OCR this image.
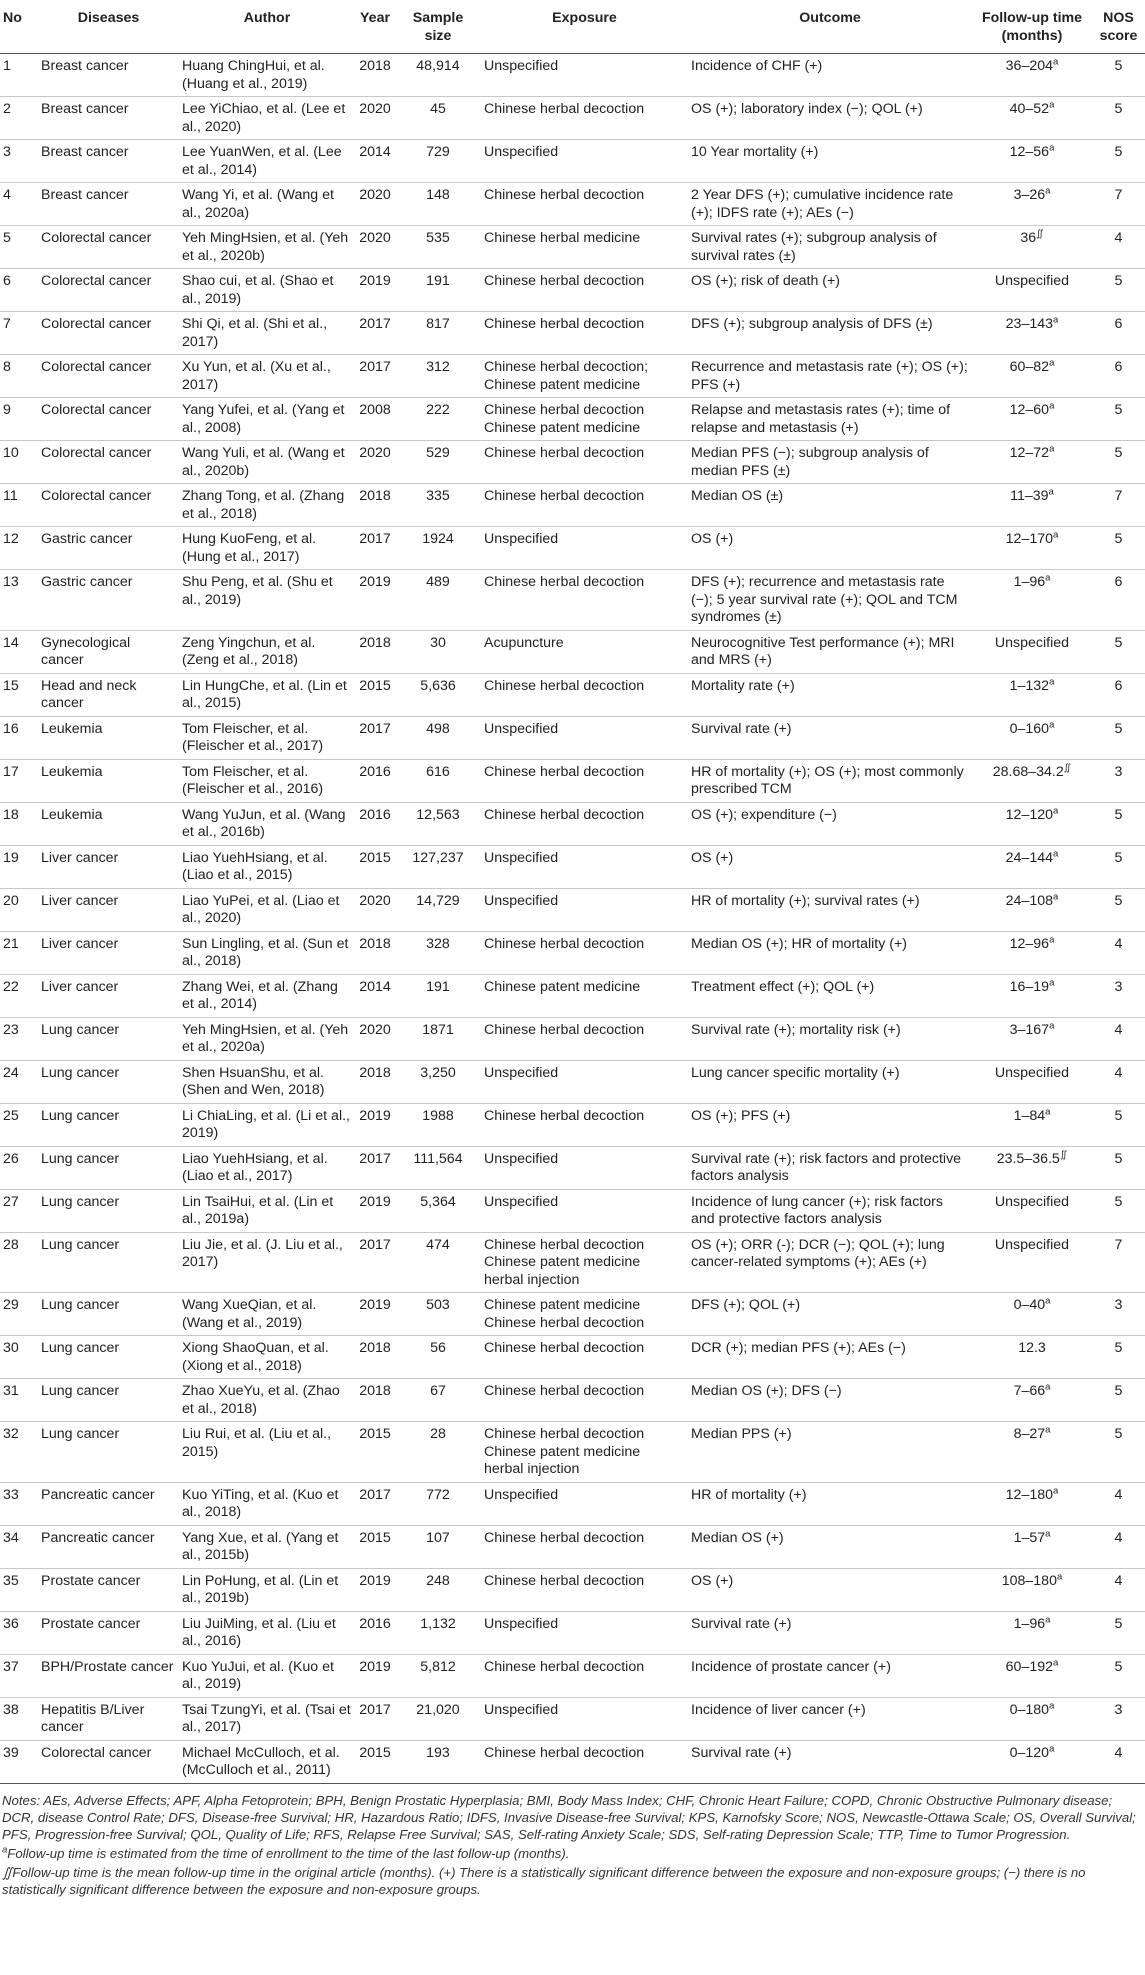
No	Diseases	Author	Year	Sample size	Exposure	Outcome	Follow-up time (months)	NOS score
1	Breast cancer	Huang ChingHui, et al. (Huang et al., 2019)	2018	48,914	Unspecified	Incidence of CHF (+)	36–204$^a$	5
2	Breast cancer	Lee YiChiao, et al. (Lee et al., 2020)	2020	45	Chinese herbal decoction	OS (+); laboratory index (−); QOL (+)	40–52$^a$	5
3	Breast cancer	Lee YuanWen, et al. (Lee et al., 2014)	2014	729	Unspecified	10 Year mortality (+)	12–56$^a$	5
4	Breast cancer	Wang Yi, et al. (Wang et al., 2020a)	2020	148	Chinese herbal decoction	2 Year DFS (+); cumulative incidence rate (+); IDFS rate (+); AEs (−)	3–26$^a$	7
5	Colorectal cancer	Yeh MingHsien, et al. (Yeh et al., 2020b)	2020	535	Chinese herbal medicine	Survival rates (+); subgroup analysis of survival rates (±)	36∬	4
6	Colorectal cancer	Shao cui, et al. (Shao et al., 2019)	2019	191	Chinese herbal decoction	OS (+); risk of death (+)	Unspecified	5
7	Colorectal cancer	Shi Qi, et al. (Shi et al., 2017)	2017	817	Chinese herbal decoction	DFS (+); subgroup analysis of DFS (±)	23–143$^a$	6
8	Colorectal cancer	Xu Yun, et al. (Xu et al., 2017)	2017	312	Chinese herbal decoction; Chinese patent medicine	Recurrence and metastasis rate (+); OS (+); PFS (+)	60–82$^a$	6
9	Colorectal cancer	Yang Yufei, et al. (Yang et al., 2008)	2008	222	Chinese herbal decoction
Chinese patent medicine	Relapse and metastasis rates (+); time of relapse and metastasis (+)	12–60$^a$	5
10	Colorectal cancer	Wang Yuli, et al. (Wang et al., 2020b)	2020	529	Chinese herbal decoction	Median PFS (−); subgroup analysis of median PFS (±)	12–72$^a$	5
11	Colorectal cancer	Zhang Tong, et al. (Zhang et al., 2018)	2018	335	Chinese herbal decoction	Median OS (±)	11–39$^a$	7
12	Gastric cancer	Hung KuoFeng, et al. (Hung et al., 2017)	2017	1924	Unspecified	OS (+)	12–170$^a$	5
13	Gastric cancer	Shu Peng, et al. (Shu et al., 2019)	2019	489	Chinese herbal decoction	DFS (+); recurrence and metastasis rate (−); 5 year survival rate (+); QOL and TCM syndromes (±)	1–96$^a$	6
14	Gynecological cancer	Zeng Yingchun, et al. (Zeng et al., 2018)	2018	30	Acupuncture	Neurocognitive Test performance (+); MRI and MRS (+)	Unspecified	5
15	Head and neck cancer	Lin HungChe, et al. (Lin et al., 2015)	2015	5,636	Chinese herbal decoction	Mortality rate (+)	1–132$^a$	6
16	Leukemia	Tom Fleischer, et al. (Fleischer et al., 2017)	2017	498	Unspecified	Survival rate (+)	0–160$^a$	5
17	Leukemia	Tom Fleischer, et al. (Fleischer et al., 2016)	2016	616	Chinese herbal decoction	HR of mortality (+); OS (+); most commonly prescribed TCM	28.68–34.2∬	3
18	Leukemia	Wang YuJun, et al. (Wang et al., 2016b)	2016	12,563	Chinese herbal decoction	OS (+); expenditure (−)	12–120$^a$	5
19	Liver cancer	Liao YuehHsiang, et al. (Liao et al., 2015)	2015	127,237	Unspecified	OS (+)	24–144$^a$	5
20	Liver cancer	Liao YuPei, et al. (Liao et al., 2020)	2020	14,729	Unspecified	HR of mortality (+); survival rates (+)	24–108$^a$	5
21	Liver cancer	Sun Lingling, et al. (Sun et al., 2018)	2018	328	Chinese herbal decoction	Median OS (+); HR of mortality (+)	12–96$^a$	4
22	Liver cancer	Zhang Wei, et al. (Zhang et al., 2014)	2014	191	Chinese patent medicine	Treatment effect (+); QOL (+)	16–19$^a$	3
23	Lung cancer	Yeh MingHsien, et al. (Yeh et al., 2020a)	2020	1871	Chinese herbal decoction	Survival rate (+); mortality risk (+)	3–167$^a$	4
24	Lung cancer	Shen HsuanShu, et al. (Shen and Wen, 2018)	2018	3,250	Unspecified	Lung cancer specific mortality (+)	Unspecified	4
25	Lung cancer	Li ChiaLing, et al. (Li et al., 2019)	2019	1988	Chinese herbal decoction	OS (+); PFS (+)	1–84$^a$	5
26	Lung cancer	Liao YuehHsiang, et al. (Liao et al., 2017)	2017	111,564	Unspecified	Survival rate (+); risk factors and protective factors analysis	23.5–36.5∬	5
27	Lung cancer	Lin TsaiHui, et al. (Lin et al., 2019a)	2019	5,364	Unspecified	Incidence of lung cancer (+); risk factors and protective factors analysis	Unspecified	5
28	Lung cancer	Liu Jie, et al. (J. Liu et al., 2017)	2017	474	Chinese herbal decoction
Chinese patent medicine
herbal injection	OS (+); ORR (-); DCR (−); QOL (+); lung cancer-related symptoms (+); AEs (+)	Unspecified	7
29	Lung cancer	Wang XueQian, et al. (Wang et al., 2019)	2019	503	Chinese patent medicine
Chinese herbal decoction	DFS (+); QOL (+)	0–40$^a$	3
30	Lung cancer	Xiong ShaoQuan, et al. (Xiong et al., 2018)	2018	56	Chinese herbal decoction	DCR (+); median PFS (+); AEs (−)	12.3	5
31	Lung cancer	Zhao XueYu, et al. (Zhao et al., 2018)	2018	67	Chinese herbal decoction	Median OS (+); DFS (−)	7–66$^a$	5
32	Lung cancer	Liu Rui, et al. (Liu et al., 2015)	2015	28	Chinese herbal decoction
Chinese patent medicine
herbal injection	Median PPS (+)	8–27$^a$	5
33	Pancreatic cancer	Kuo YiTing, et al. (Kuo et al., 2018)	2017	772	Unspecified	HR of mortality (+)	12–180$^a$	4
34	Pancreatic cancer	Yang Xue, et al. (Yang et al., 2015b)	2015	107	Chinese herbal decoction	Median OS (+)	1–57$^a$	4
35	Prostate cancer	Lin PoHung, et al. (Lin et al., 2019b)	2019	248	Chinese herbal decoction	OS (+)	108–180$^a$	4
36	Prostate cancer	Liu JuiMing, et al. (Liu et al., 2016)	2016	1,132	Unspecified	Survival rate (+)	1–96$^a$	5
37	BPH/Prostate cancer	Kuo YuJui, et al. (Kuo et al., 2019)	2019	5,812	Chinese herbal decoction	Incidence of prostate cancer (+)	60–192$^a$	5
38	Hepatitis B/Liver cancer	Tsai TzungYi, et al. (Tsai et al., 2017)	2017	21,020	Unspecified	Incidence of liver cancer (+)	0–180$^a$	3
39	Colorectal cancer	Michael McCulloch, et al. (McCulloch et al., 2011)	2015	193	Chinese herbal decoction	Survival rate (+)	0–120$^a$	4

Notes: AEs, Adverse Effects; APF, Alpha Fetoprotein; BPH, Benign Prostatic Hyperplasia; BMI, Body Mass Index; CHF, Chronic Heart Failure; COPD, Chronic Obstructive Pulmonary disease; DCR, disease Control Rate; DFS, Disease-free Survival; HR, Hazardous Ratio; IDFS, Invasive Disease-free Survival; KPS, Karnofsky Score; NOS, Newcastle-Ottawa Scale; OS, Overall Survival; PFS, Progression-free Survival; QOL, Quality of Life; RFS, Relapse Free Survival; SAS, Self-rating Anxiety Scale; SDS, Self-rating Depression Scale; TTP, Time to Tumor Progression.

$^a$Follow-up time is estimated from the time of enrollment to the time of the last follow-up (months).

∬Follow-up time is the mean follow-up time in the original article (months). (+) There is a statistically significant difference between the exposure and non-exposure groups; (−) there is no statistically significant difference between the exposure and non-exposure groups.
